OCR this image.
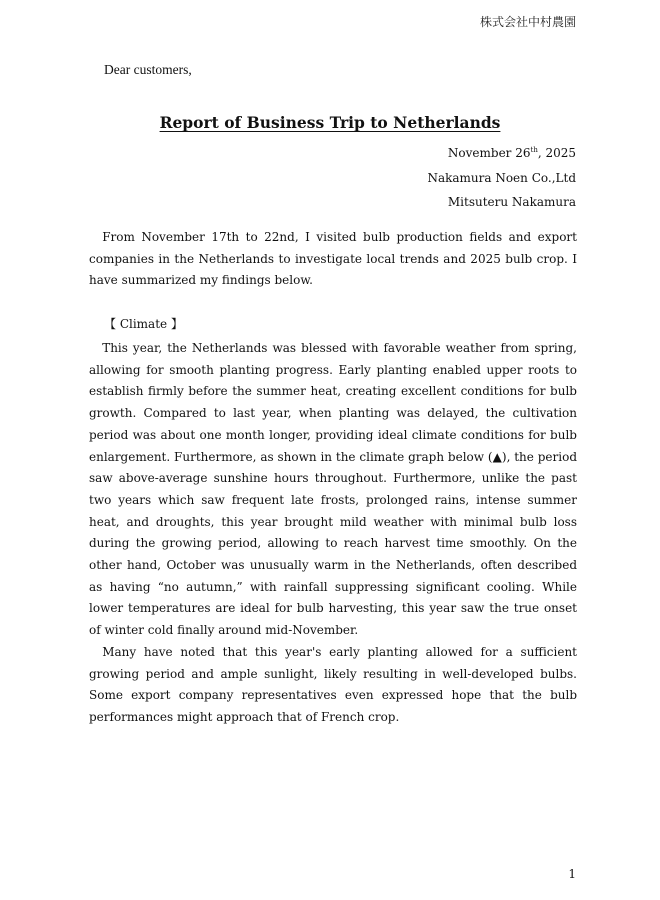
株式会社中村農園
Dear customers,
Report of Business Trip to Netherlands
November 26th, 2025
Nakamura Noen Co.,Ltd
Mitsuteru Nakamura

From November 17th to 22nd, I visited bulb production fields and export companies in the Netherlands to investigate local trends and 2025 bulb crop. I have summarized my findings below.

【 Climate 】

This year, the Netherlands was blessed with favorable weather from spring, allowing for smooth planting progress. Early planting enabled upper roots to establish firmly before the summer heat, creating excellent conditions for bulb growth. Compared to last year, when planting was delayed, the cultivation period was about one month longer, providing ideal climate conditions for bulb enlargement. Furthermore, as shown in the climate graph below (▲), the period saw above-average sunshine hours throughout. Furthermore, unlike the past two years which saw frequent late frosts, prolonged rains, intense summer heat, and droughts, this year brought mild weather with minimal bulb loss during the growing period, allowing to reach harvest time smoothly. On the other hand, October was unusually warm in the Netherlands, often described as having “no autumn,” with rainfall suppressing significant cooling. While lower temperatures are ideal for bulb harvesting, this year saw the true onset of winter cold finally around mid-November.

Many have noted that this year's early planting allowed for a sufficient growing period and ample sunlight, likely resulting in well-developed bulbs. Some export company representatives even expressed hope that the bulb performances might approach that of French crop.

1
